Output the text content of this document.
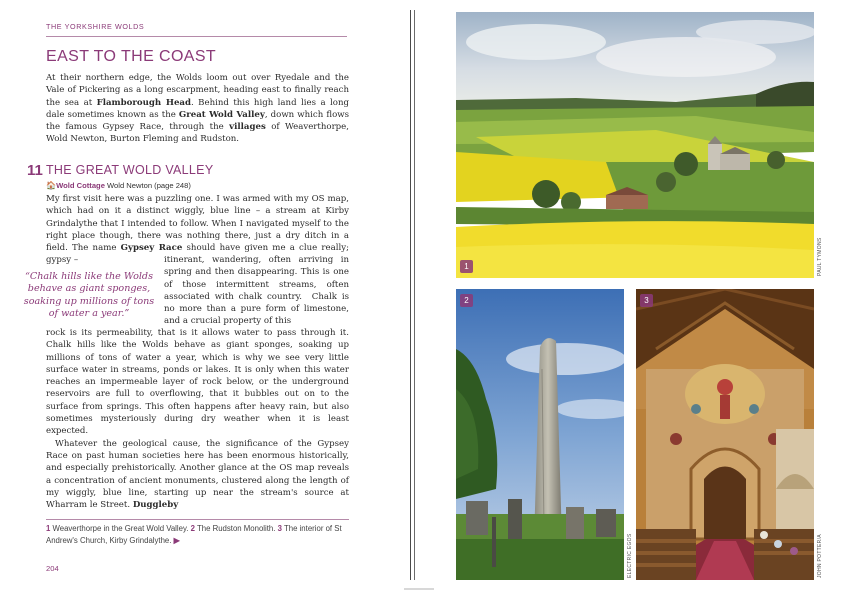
THE YORKSHIRE WOLDS
EAST TO THE COAST
At their northern edge, the Wolds loom out over Ryedale and the Vale of Pickering as a long escarpment, heading east to finally reach the sea at Flamborough Head. Behind this high land lies a long dale sometimes known as the Great Wold Valley, down which flows the famous Gypsey Race, through the villages of Weaverthorpe, Wold Newton, Burton Fleming and Rudston.
11 THE GREAT WOLD VALLEY
🏠 Wold Cottage Wold Newton (page 248)
My first visit here was a puzzling one. I was armed with my OS map, which had on it a distinct wiggly, blue line – a stream at Kirby Grindalythe that I intended to follow. When I navigated myself to the right place though, there was nothing there, just a dry ditch in a field. The name Gypsey Race should have given me a clue really; gypsy –
“Chalk hills like the Wolds behave as giant sponges, soaking up millions of tons of water a year.”
itinerant, wandering, often arriving in spring and then disappearing. This is one of those intermittent streams, often associated with chalk country.  Chalk is no more than a pure form of limestone, and a crucial property of this
rock is its permeability, that is it allows water to pass through it. Chalk hills like the Wolds behave as giant sponges, soaking up millions of tons of water a year, which is why we see very little surface water in streams, ponds or lakes. It is only when this water reaches an impermeable layer of rock below, or the underground reservoirs are full to overflowing, that it bubbles out on to the surface from springs. This often happens after heavy rain, but also sometimes mysteriously during dry weather when it is least expected.
Whatever the geological cause, the significance of the Gypsey Race on past human societies here has been enormous historically, and especially prehistorically. Another glance at the OS map reveals a concentration of ancient monuments, clustered along the length of my wiggly, blue line, starting up near the stream's source at Wharram le Street. Duggleby
1 Weaverthorpe in the Great Wold Valley. 2 The Rudston Monolith. 3 The interior of St Andrew's Church, Kirby Grindalythe. ▶
204
1	PAUL TYMONS
2
ELECTRIC EGOS
3
JOHN POTTER/A
